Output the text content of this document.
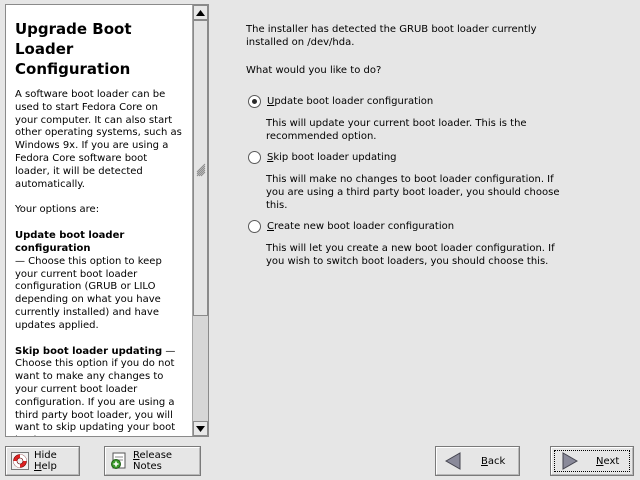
Upgrade Boot Loader Configuration

A software boot loader can be used to start Fedora Core on your computer. It can also start other operating systems, such as Windows 9x. If you are using a Fedora Core software boot loader, it will be detected automatically.

Your options are:

Update boot loader configuration
— Choose this option to keep your current boot loader configuration (GRUB or LILO depending on what you have currently installed) and have updates applied.

Skip boot loader updating — Choose this option if you do not want to make any changes to your current boot loader configuration. If you are using a third party boot loader, you will want to skip updating your boot

The installer has detected the GRUB boot loader currently
installed on /dev/hda.
What would you like to do?
Update boot loader configuration
This will update your current boot loader. This is the
recommended option.
Skip boot loader updating
This will make no changes to boot loader configuration. If
you are using a third party boot loader, you should choose
this.
Create new boot loader configuration
This will let you create a new boot loader configuration. If
you wish to switch boot loaders, you should choose this.
Hide Help
Release Notes	Back	Next
